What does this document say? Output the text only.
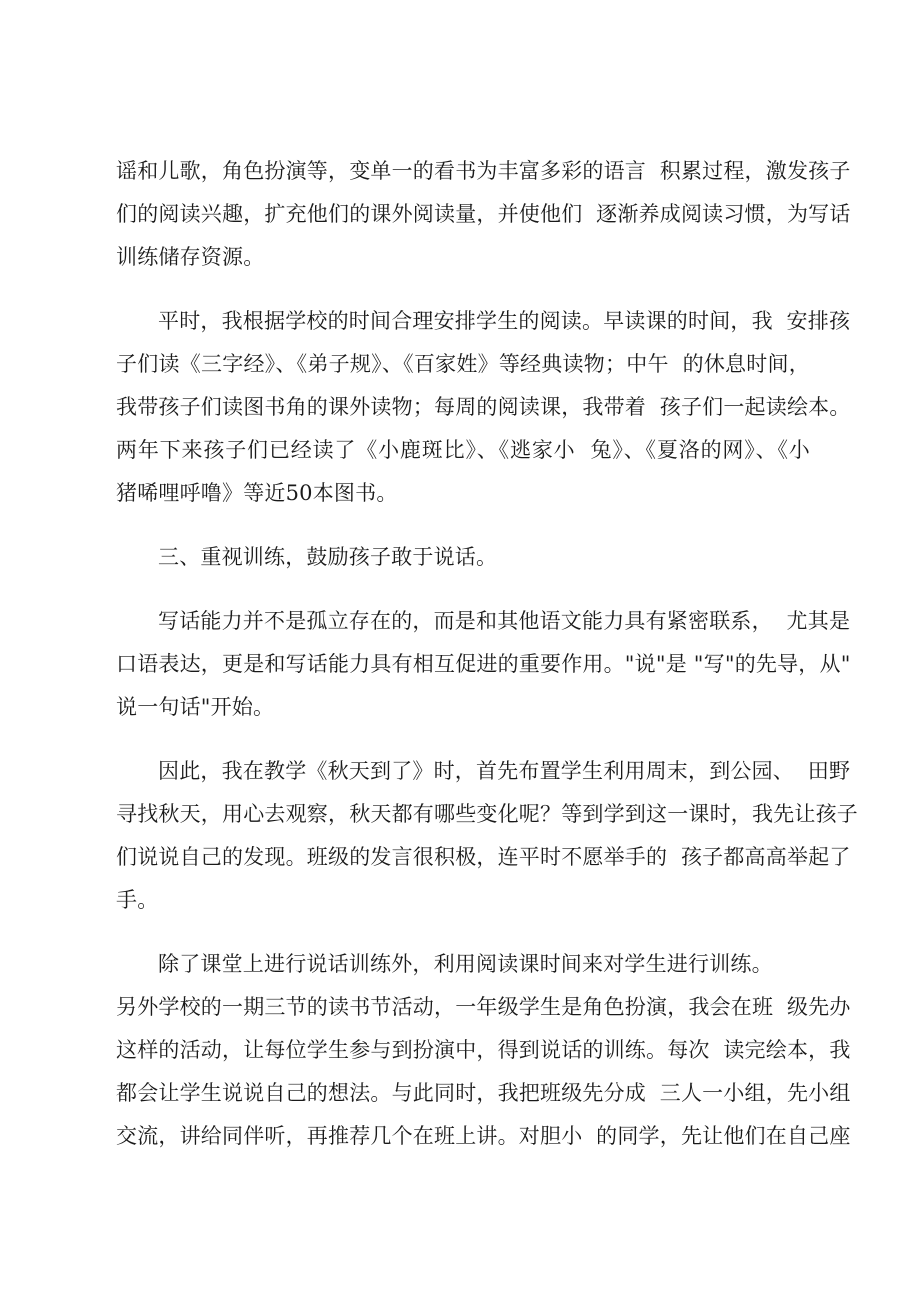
谣和儿歌，角色扮演等，变单一的看书为丰富多彩的语言  积累过程，激发孩子
们的阅读兴趣，扩充他们的课外阅读量，并使他们  逐渐养成阅读习惯，为写话
训练储存资源。
平时，我根据学校的时间合理安排学生的阅读。早读课的时间，我  安排孩
子们读《三字经》、《弟子规》、《百家姓》等经典读物；中午  的休息时间，
我带孩子们读图书角的课外读物；每周的阅读课，我带着  孩子们一起读绘本。
两年下来孩子们已经读了《小鹿斑比》、《逃家小  兔》、《夏洛的网》、《小
猪唏哩呼噜》等近50本图书。
三、重视训练，鼓励孩子敢于说话。
写话能力并不是孤立存在的，而是和其他语文能力具有紧密联系，  尤其是
口语表达，更是和写话能力具有相互促进的重要作用。"说"是 "写"的先导，从"
说一句话"开始。
因此，我在教学《秋天到了》时，首先布置学生利用周末，到公园、  田野
寻找秋天，用心去观察，秋天都有哪些变化呢？等到学到这一课时，我先让孩子
们说说自己的发现。班级的发言很积极，连平时不愿举手的  孩子都高高举起了
手。
除了课堂上进行说话训练外，利用阅读课时间来对学生进行训练。
另外学校的一期三节的读书节活动，一年级学生是角色扮演，我会在班  级先办
这样的活动，让每位学生参与到扮演中，得到说话的训练。每次  读完绘本，我
都会让学生说说自己的想法。与此同时，我把班级先分成  三人一小组，先小组
交流，讲给同伴听，再推荐几个在班上讲。对胆小  的同学，先让他们在自己座
